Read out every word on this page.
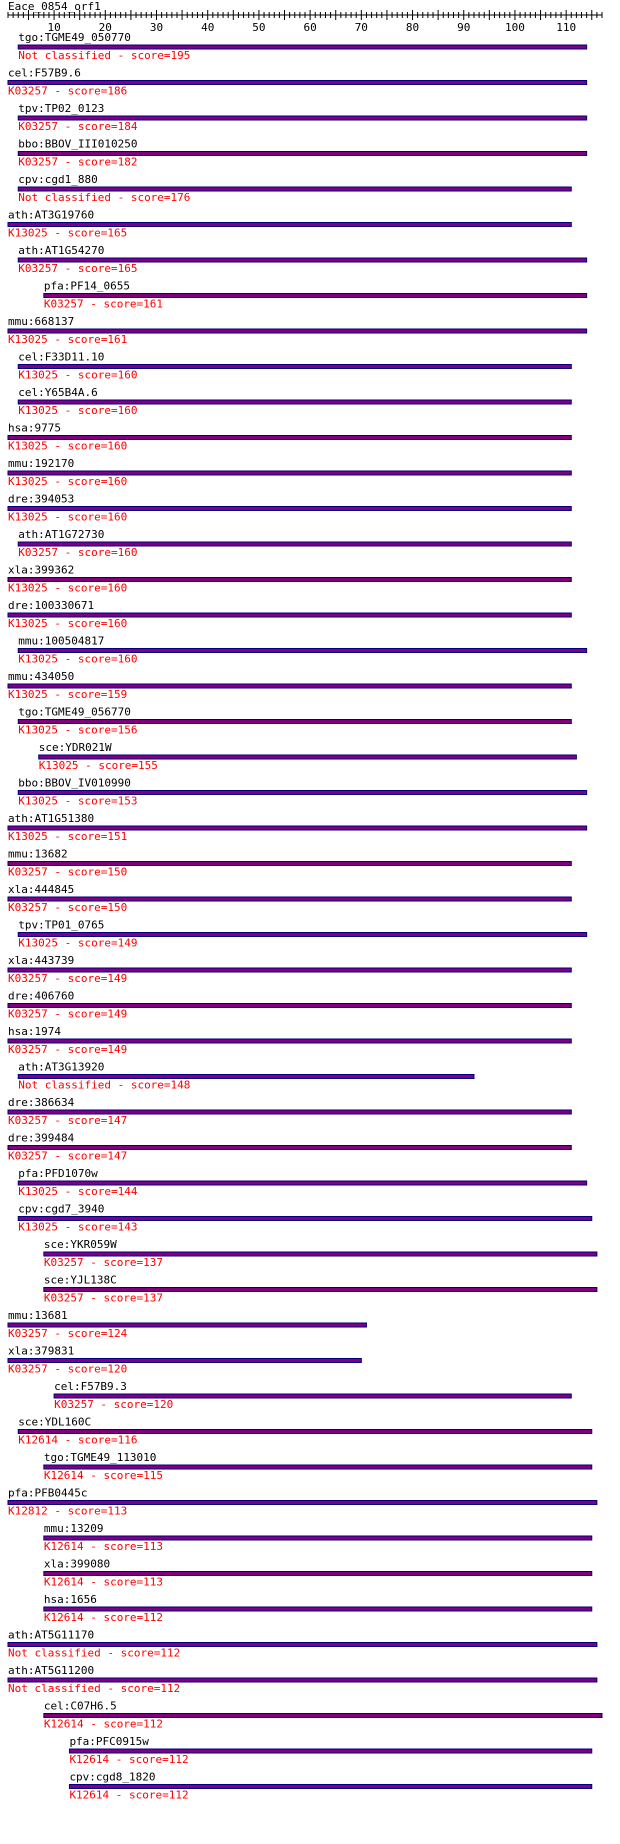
Eace_0854_orf1
10	20	30	40	50	60	70	80	90	100	110
tgo:TGME49_050770
Not classified - score=195
cel:F57B9.6
K03257 - score=186
tpv:TP02_0123
K03257 - score=184
bbo:BBOV_III010250
K03257 - score=182
cpv:cgd1_880
Not classified - score=176
ath:AT3G19760
K13025 - score=165
ath:AT1G54270
K03257 - score=165
pfa:PF14_0655
K03257 - score=161
mmu:668137
K13025 - score=161
cel:F33D11.10
K13025 - score=160
cel:Y65B4A.6
K13025 - score=160
hsa:9775
K13025 - score=160
mmu:192170
K13025 - score=160
dre:394053
K13025 - score=160
ath:AT1G72730
K03257 - score=160
xla:399362
K13025 - score=160
dre:100330671
K13025 - score=160
mmu:100504817
K13025 - score=160
mmu:434050
K13025 - score=159
tgo:TGME49_056770
K13025 - score=156
sce:YDR021W
K13025 - score=155
bbo:BBOV_IV010990
K13025 - score=153
ath:AT1G51380
K13025 - score=151
mmu:13682
K03257 - score=150
xla:444845
K03257 - score=150
tpv:TP01_0765
K13025 - score=149
xla:443739
K03257 - score=149
dre:406760
K03257 - score=149
hsa:1974
K03257 - score=149
ath:AT3G13920
Not classified - score=148
dre:386634
K03257 - score=147
dre:399484
K03257 - score=147
pfa:PFD1070w
K13025 - score=144
cpv:cgd7_3940
K13025 - score=143
sce:YKR059W
K03257 - score=137
sce:YJL138C
K03257 - score=137
mmu:13681
K03257 - score=124
xla:379831
K03257 - score=120
cel:F57B9.3
K03257 - score=120
sce:YDL160C
K12614 - score=116
tgo:TGME49_113010
K12614 - score=115
pfa:PFB0445c
K12812 - score=113
mmu:13209
K12614 - score=113
xla:399080
K12614 - score=113
hsa:1656
K12614 - score=112
ath:AT5G11170
Not classified - score=112
ath:AT5G11200
Not classified - score=112
cel:C07H6.5
K12614 - score=112
pfa:PFC0915w
K12614 - score=112
cpv:cgd8_1820
K12614 - score=112
